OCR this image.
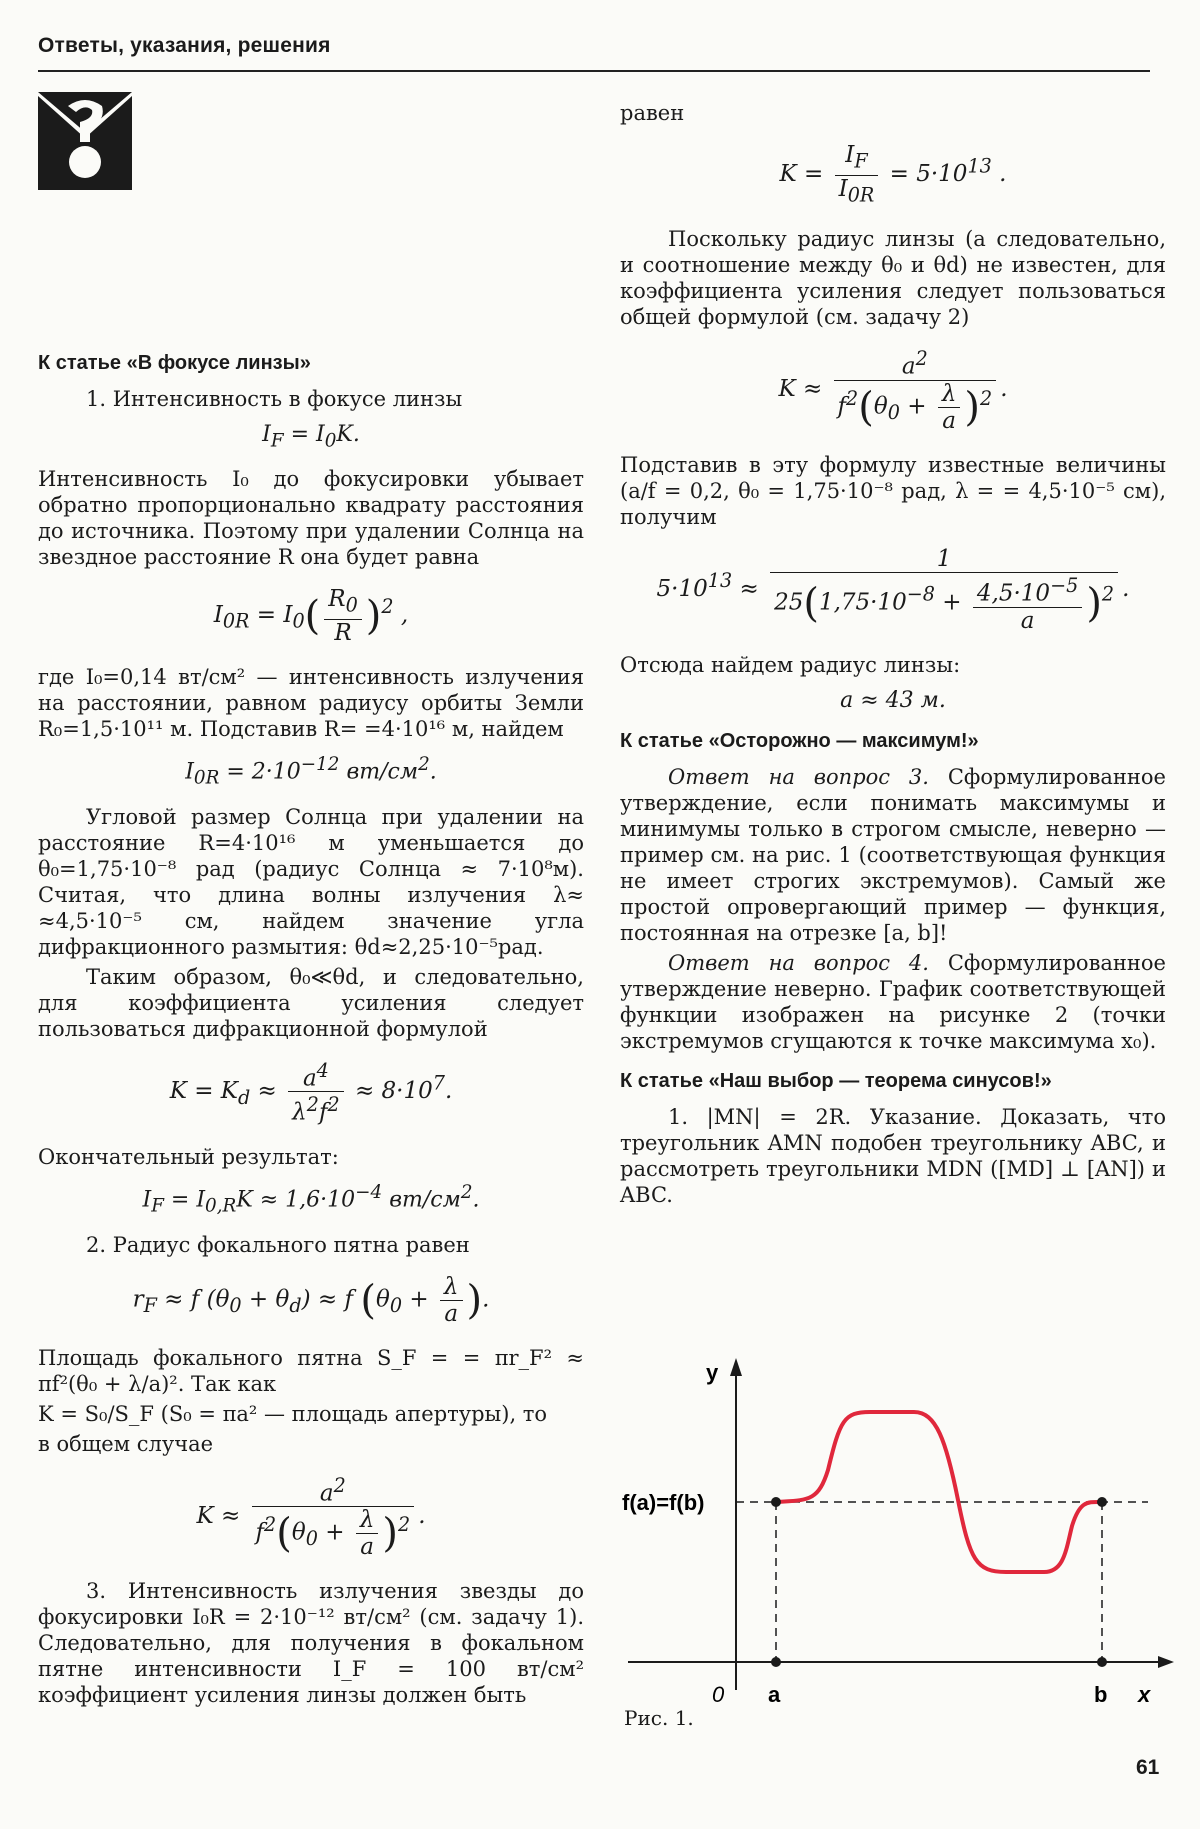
Ответы, указания, решения
К статье «В фокусе линзы»

1. Интенсивность в фокусе линзы

$I_F = I_0K$.

Интенсивность I₀ до фокусировки убывает обратно пропорционально квадрату расстояния до источника. Поэтому при удалении Солнца на звездное расстояние R она будет равна

$I_{0R} = I_0( \frac{R_0}{R} )^2$ ,

где I₀=0,14 вт/см² — интенсивность излучения на расстоянии, равном радиусу орбиты Земли R₀=1,5·10¹¹ м. Подставив R= =4·10¹⁶ м, найдем

$I_{0R} = 2\cdot 10^{-12}$ $вт/см^2$.

Угловой размер Солнца при удалении на расстояние R=4·10¹⁶ м уменьшается до θ₀=1,75·10⁻⁸ рад (радиус Солнца ≈ 7·10⁸м). Считая, что длина волны излучения λ≈ ≈4,5·10⁻⁵ см, найдем значение угла дифракционного размытия: θd≈2,25·10⁻⁵рад.

Таким образом, θ₀≪θd, и следовательно, для коэффициента усиления следует пользоваться дифракционной формулой

$K = K_d \approx \frac{a^4}{\lambda^2f^2} \approx 8\cdot 10^7$.

Окончательный результат:

$I_F = I_{0,R}K \approx 1,6\cdot 10^{-4}$ $вт/см^2$.

2. Радиус фокального пятна равен

$r_F \approx f$ $(\theta_0 + \theta_d) \approx f$ ($\theta_0 + \frac{\lambda}{a}$ ).

Площадь фокального пятна S_F = = πr_F² ≈ πf²(θ₀ + λ/a)². Так как

K = S₀/S_F (S₀ = πa² — площадь апертуры), то

в общем случае

$K \approx \frac{a^2}{f^2(\theta_0 + \frac{\lambda}{a} )^2}$ .

3. Интенсивность излучения звезды до фокусировки I₀R = 2·10⁻¹² вт/см² (см. задачу 1). Следовательно, для получения в фокальном пятне интенсивности I_F = 100 вт/см² коэффициент усиления линзы должен быть

равен

$K = \frac{I_F}{I_{0R}} = 5\cdot 10^{13}$ .

Поскольку радиус линзы (а следовательно, и соотношение между θ₀ и θd) не известен, для коэффициента усиления следует пользоваться общей формулой (см. задачу 2)

$K \approx \frac{a^2}{f^2(\theta_0 + \frac{\lambda}{a} )^2}$ .

Подставив в эту формулу известные величины (a/f = 0,2, θ₀ = 1,75·10⁻⁸ рад, λ = = 4,5·10⁻⁵ см), получим

$5\cdot 10^{13} \approx \frac{1}{25(1,75\cdot 10^{-8} + \frac{4,5\cdot 10^{-5}}{a} )^2}$ .

Отсюда найдем радиус линзы:

a ≈ 43 м.
К статье «Осторожно — максимум!»

Ответ на вопрос 3. Сформулированное утверждение, если понимать максимумы и минимумы только в строгом смысле, неверно — пример см. на рис. 1 (соответствующая функция не имеет строгих экстремумов). Самый же простой опровергающий пример — функция, постоянная на отрезке [a, b]!

Ответ на вопрос 4. Сформулированное утверждение неверно. График соответствующей функции изображен на рисунке 2 (точки экстремумов сгущаются к точке максимума x₀).

К статье «Наш выбор — теорема синусов!»

1. |MN| = 2R. Указание. Доказать, что треугольник AMN подобен треугольнику ABC, и рассмотреть треугольники MDN ([MD] ⊥ [AN]) и ABC.

y
x
0 a	b
f(a)=f(b)
Рис. 1.
61
